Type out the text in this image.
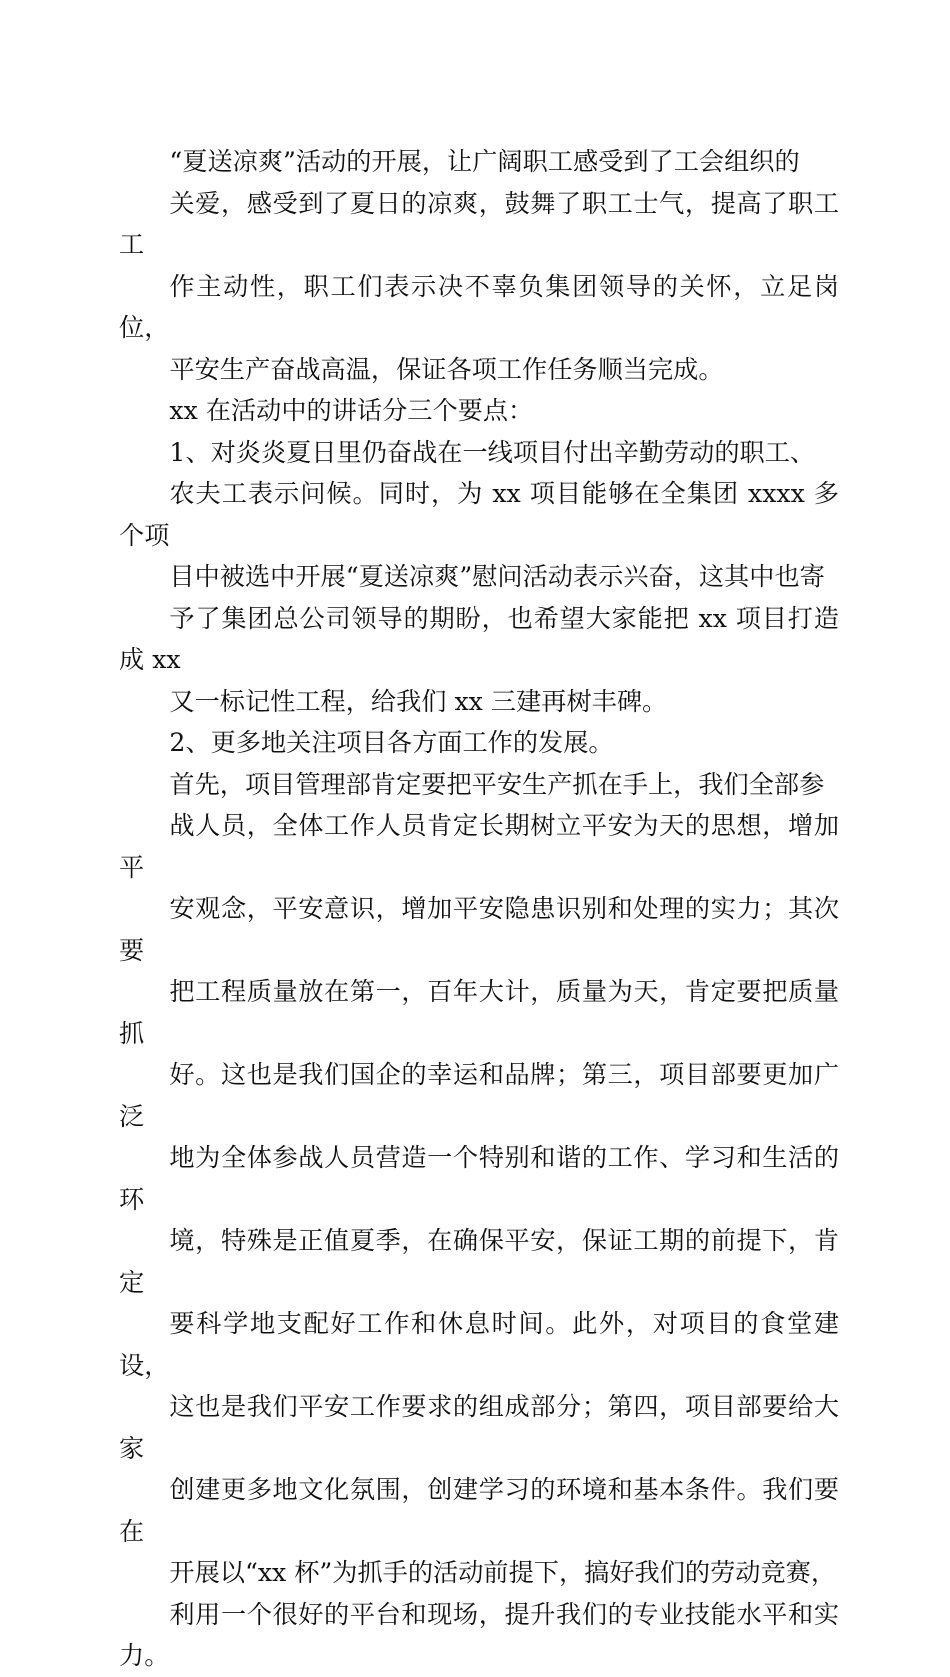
“夏送凉爽”活动的开展，让广阔职工感受到了工会组织的
关爱，感受到了夏日的凉爽，鼓舞了职工士气，提高了职工工
作主动性，职工们表示决不辜负集团领导的关怀，立足岗位，
平安生产奋战高温，保证各项工作任务顺当完成。

xx 在活动中的讲话分三个要点：

1、对炎炎夏日里仍奋战在一线项目付出辛勤劳动的职工、
农夫工表示问候。同时，为 xx 项目能够在全集团 xxxx 多个项
目中被选中开展“夏送凉爽”慰问活动表示兴奋，这其中也寄
予了集团总公司领导的期盼，也希望大家能把 xx 项目打造成 xx
又一标记性工程，给我们 xx 三建再树丰碑。

2、更多地关注项目各方面工作的发展。

首先，项目管理部肯定要把平安生产抓在手上，我们全部参
战人员，全体工作人员肯定长期树立平安为天的思想，增加平
安观念，平安意识，增加平安隐患识别和处理的实力；其次要
把工程质量放在第一，百年大计，质量为天，肯定要把质量抓
好。这也是我们国企的幸运和品牌；第三，项目部要更加广泛
地为全体参战人员营造一个特别和谐的工作、学习和生活的环
境，特殊是正值夏季，在确保平安，保证工期的前提下，肯定
要科学地支配好工作和休息时间。此外，对项目的食堂建设，
这也是我们平安工作要求的组成部分；第四，项目部要给大家
创建更多地文化氛围，创建学习的环境和基本条件。我们要在
开展以“xx 杯”为抓手的活动前提下，搞好我们的劳动竞赛，
利用一个很好的平台和现场，提升我们的专业技能水平和实力。
